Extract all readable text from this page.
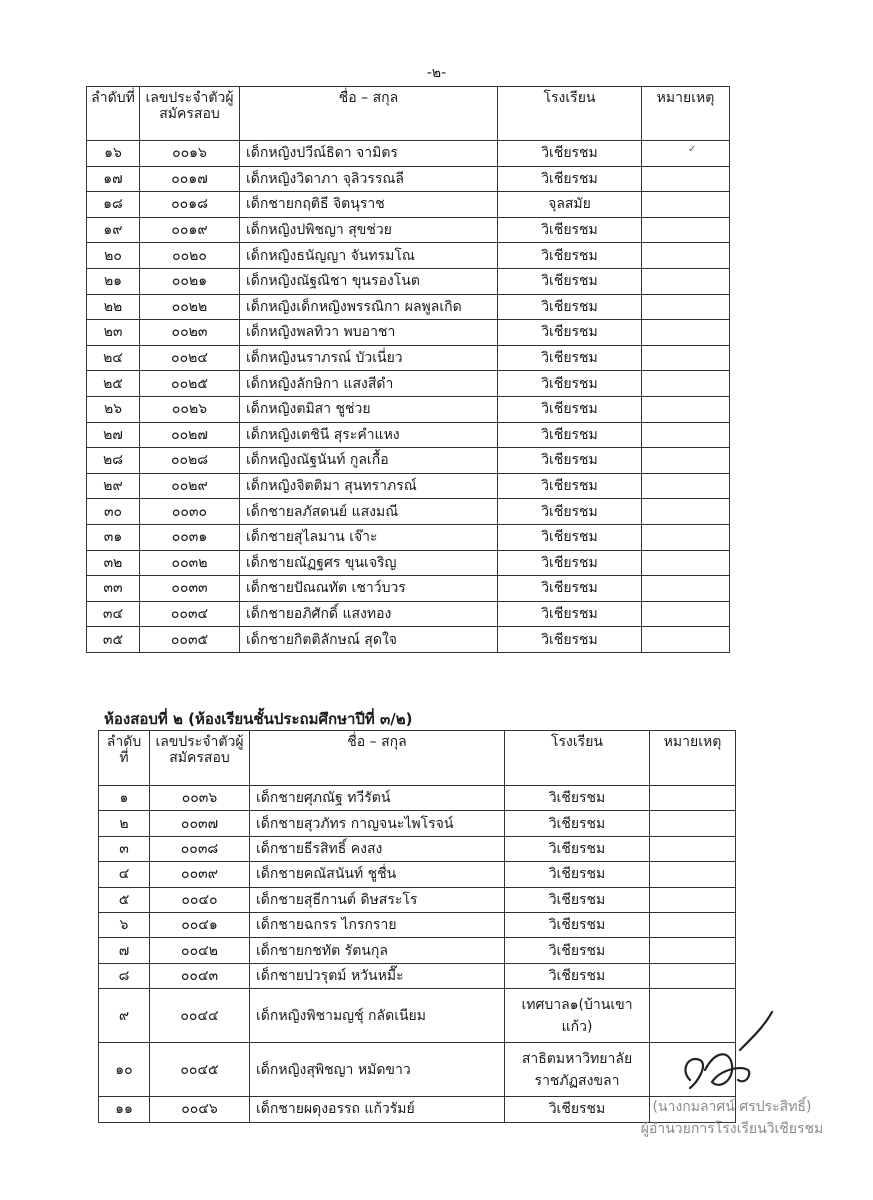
-๒-
ลำดับที่	เลขประจำตัวผู้สมัครสอบ	ชื่อ – สกุล	โรงเรียน	หมายเหตุ
๑๖	๐๐๑๖	เด็กหญิงปวีณ์ธิดา จามิตร	วิเชียรชม	
๑๗	๐๐๑๗	เด็กหญิงวิดาภา จุลิวรรณลี	วิเชียรชม	
๑๘	๐๐๑๘	เด็กชายกฤติธี จิตนุราช	จุลสมัย	
๑๙	๐๐๑๙	เด็กหญิงปพิชญา สุขช่วย	วิเชียรชม	
๒๐	๐๐๒๐	เด็กหญิงธนัญญา จันทรมโณ	วิเชียรชม	
๒๑	๐๐๒๑	เด็กหญิงณัฐณิชา ขุนรองโนต	วิเชียรชม	
๒๒	๐๐๒๒	เด็กหญิงเด็กหญิงพรรณิกา ผลพูลเกิด	วิเชียรชม	
๒๓	๐๐๒๓	เด็กหญิงพลทิวา พบอาชา	วิเชียรชม	
๒๔	๐๐๒๔	เด็กหญิงนราภรณ์ บัวเนี่ยว	วิเชียรชม	
๒๕	๐๐๒๕	เด็กหญิงลักษิกา แสงสีดำ	วิเชียรชม	
๒๖	๐๐๒๖	เด็กหญิงตมิสา ชูช่วย	วิเชียรชม	
๒๗	๐๐๒๗	เด็กหญิงเตชินี สุระคำแหง	วิเชียรชม	
๒๘	๐๐๒๘	เด็กหญิงณัฐนันท์ กูลเกื้อ	วิเชียรชม	
๒๙	๐๐๒๙	เด็กหญิงจิตติมา สุนทราภรณ์	วิเชียรชม	
๓๐	๐๐๓๐	เด็กชายลภัสดนย์ แสงมณี	วิเชียรชม	
๓๑	๐๐๓๑	เด็กชายสุไลมาน เจ๊าะ	วิเชียรชม	
๓๒	๐๐๓๒	เด็กชายณัฏฐศร ขุนเจริญ	วิเชียรชม	
๓๓	๐๐๓๓	เด็กชายปัณณทัต เชาว์บวร	วิเชียรชม	
๓๔	๐๐๓๔	เด็กชายอภิศักดิ์ แสงทอง	วิเชียรชม	
๓๕	๐๐๓๕	เด็กชายกิตติลักษณ์ สุดใจ	วิเชียรชม	
✓
ห้องสอบที่ ๒ (ห้องเรียนชั้นประถมศึกษาปีที่ ๓/๒)
ลำดับที่	เลขประจำตัวผู้สมัครสอบ	ชื่อ – สกุล	โรงเรียน	หมายเหตุ
๑	๐๐๓๖	เด็กชายศุภณัฐ ทวีรัตน์	วิเชียรชม	
๒	๐๐๓๗	เด็กชายสุวภัทร กาญจนะไพโรจน์	วิเชียรชม	
๓	๐๐๓๘	เด็กชายธีรสิทธิ์ คงสง	วิเชียรชม	
๔	๐๐๓๙	เด็กชายคณัสนันท์ ชูชื่น	วิเชียรชม	
๕	๐๐๔๐	เด็กชายสุธีกานต์ ดิษสระโร	วิเชียรชม	
๖	๐๐๔๑	เด็กชายฉกรร ไกรกราย	วิเชียรชม	
๗	๐๐๔๒	เด็กชายกชทัต รัตนกุล	วิเชียรชม	
๘	๐๐๔๓	เด็กชายปวรุตม์ หวันหมื๊ะ	วิเชียรชม	
๙	๐๐๔๔	เด็กหญิงพิชามญชุ์ กลัดเนียม	เทศบาล๑(บ้านเขาแก้ว)	
๑๐	๐๐๔๕	เด็กหญิงสุพิชญา หมัดขาว	สาธิตมหาวิทยาลัยราชภัฏสงขลา	
๑๑	๐๐๔๖	เด็กชายผดุงอรรถ แก้วรัมย์	วิเชียรชม		(นางกมลาศน์ ศรประสิทธิ์)
ผู้อำนวยการโรงเรียนวิเชียรชม
